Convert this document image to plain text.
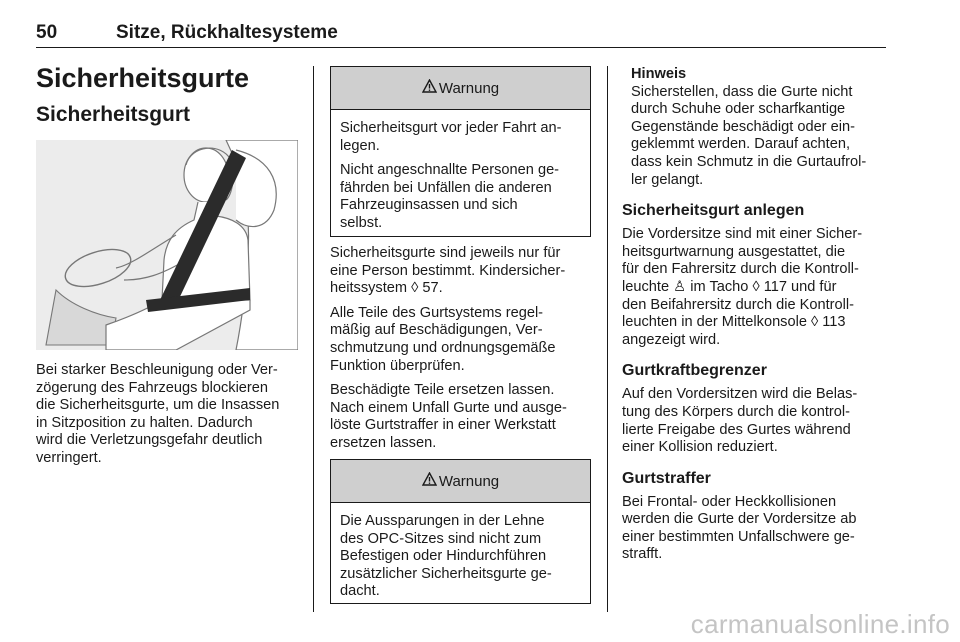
50	Sitze, Rückhaltesysteme
Sicherheitsgurte
Sicherheitsgurt
Bei starker Beschleunigung oder Ver-
zögerung des Fahrzeugs blockieren
die Sicherheitsgurte, um die Insassen
in Sitzposition zu halten. Dadurch
wird die Verletzungsgefahr deutlich
verringert.
Warnung

Sicherheitsgurt vor jeder Fahrt an-
legen.

Nicht angeschnallte Personen ge-
fährden bei Unfällen die anderen
Fahrzeuginsassen und sich
selbst.

Sicherheitsgurte sind jeweils nur für
eine Person bestimmt. Kindersicher-
heitssystem ◊ 57.

Alle Teile des Gurtsystems regel-
mäßig auf Beschädigungen, Ver-
schmutzung und ordnungsgemäße
Funktion überprüfen.

Beschädigte Teile ersetzen lassen.
Nach einem Unfall Gurte und ausge-
löste Gurtstraffer in einer Werkstatt
ersetzen lassen.

Warnung

Die Aussparungen in der Lehne
des OPC-Sitzes sind nicht zum
Befestigen oder Hindurchführen
zusätzlicher Sicherheitsgurte ge-
dacht.

Hinweis
Sicherstellen, dass die Gurte nicht
durch Schuhe oder scharfkantige
Gegenstände beschädigt oder ein-
geklemmt werden. Darauf achten,
dass kein Schmutz in die Gurtaufrol-
ler gelangt.
Sicherheitsgurt anlegen

Die Vordersitze sind mit einer Sicher-
heitsgurtwarnung ausgestattet, die
für den Fahrersitz durch die Kontroll-
leuchte ♙ im Tacho ◊ 117 und für
den Beifahrersitz durch die Kontroll-
leuchten in der Mittelkonsole ◊ 113
angezeigt wird.

Gurtkraftbegrenzer

Auf den Vordersitzen wird die Belas-
tung des Körpers durch die kontrol-
lierte Freigabe des Gurtes während
einer Kollision reduziert.

Gurtstraffer

Bei Frontal- oder Heckkollisionen
werden die Gurte der Vordersitze ab
einer bestimmten Unfallschwere ge-
strafft.

carmanualsonline.info
